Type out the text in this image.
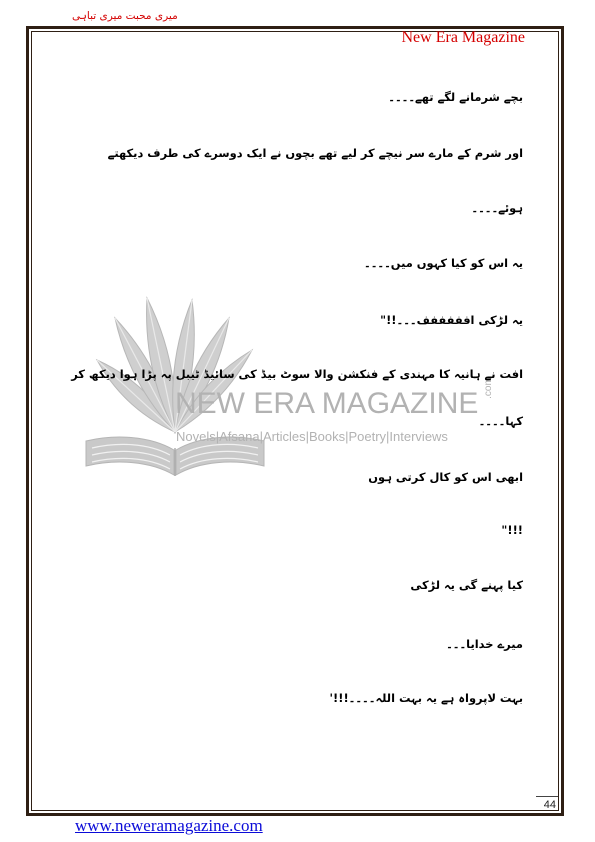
میری محبت میری تباہی
New Era Magazine
NEW ERA MAGAZINE .com
Novels|Afsana|Articles|Books|Poetry|Interviews
بچے شرمانے لگے تھے۔۔۔۔
اور شرم کے مارے سر نیچے کر لیے تھے بچوں نے ایک دوسرے کی طرف دیکھتے
ہوئے۔۔۔۔
یہ اس کو کیا کہوں میں۔۔۔۔
یہ لڑکی افففففف۔۔۔!!"
افت نے ہانیہ کا مہندی کے فنکشن والا سوٹ بیڈ کی سائیڈ ٹیبل پہ پڑا ہوا دیکھ کر
کہا۔۔۔۔
ابھی اس کو کال کرتی ہوں
"!!!
کیا پہنے گی یہ لڑکی
میرے خدایا۔۔۔
بہت لاپرواہ ہے یہ بہت اللہ۔۔۔۔!!!'
44
www.neweramagazine.com
